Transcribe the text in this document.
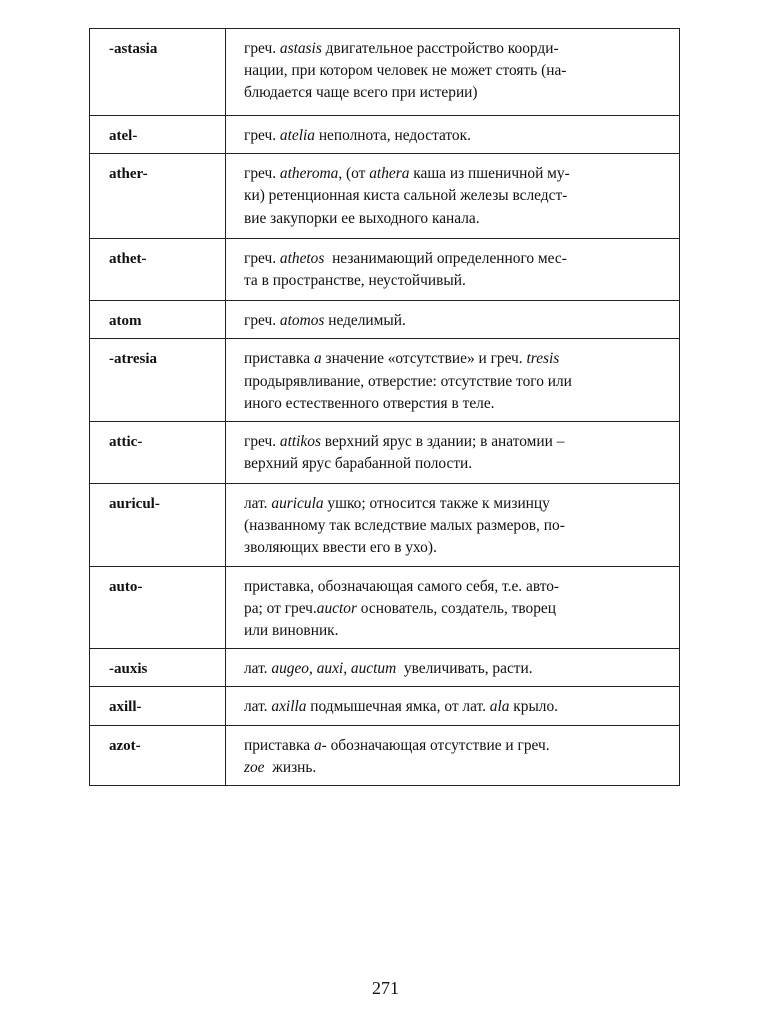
-astasia	греч. astasis двигательное расстройство коорди-
нации, при котором человек не может стоять (на-
блюдается чаще всего при истерии)

atel-	греч. atelia неполнота, недостаток.

ather-	греч. atheroma, (от athera каша из пшеничной му-
ки) ретенционная киста сальной железы вследст-
вие закупорки ее выходного канала.

athet-	греч. athetos  незанимающий определенного мес-
та в пространстве, неустойчивый.

atom	греч. atomos неделимый.

-atresia	приставка a значение «отсутствие» и греч. tresis
продырявливание, отверстие: отсутствие того или
иного естественного отверстия в теле.

attic-	греч. attikos верхний ярус в здании; в анатомии –
верхний ярус барабанной полости.

auricul-	лат. auricula ушко; относится также к мизинцу
(названному так вследствие малых размеров, по-
зволяющих ввести его в ухо).

auto-	приставка, обозначающая самого себя, т.е. авто-
ра; от греч.auctor основатель, создатель, творец
или виновник.

-auxis	лат. augeo, auxi, auctum  увеличивать, расти.

axill-	лат. axilla подмышечная ямка, от лат. ala крыло.

azot-	приставка a- обозначающая отсутствие и греч.
zoe  жизнь.
271
